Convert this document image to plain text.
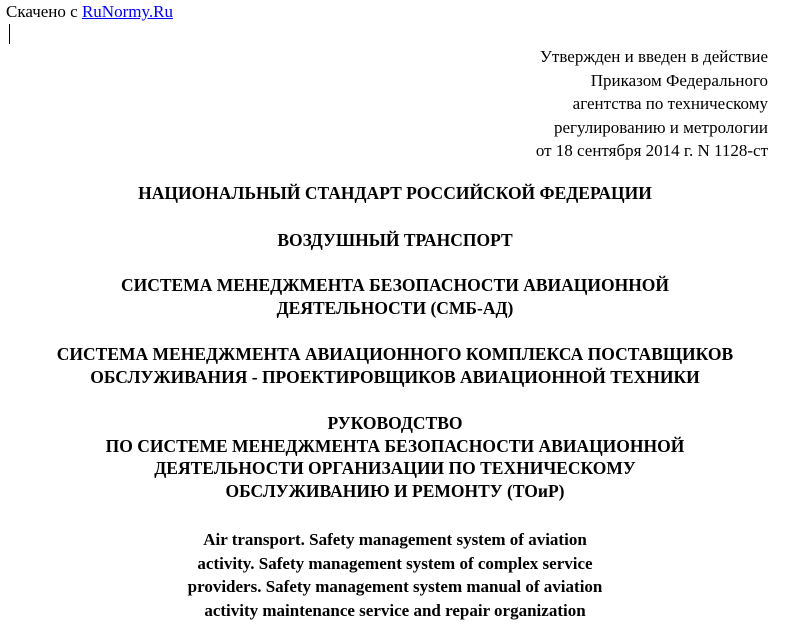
Скачено с RuNormy.Ru
Утвержден и введен в действие
Приказом Федерального
агентства по техническому
регулированию и метрологии
от 18 сентября 2014 г. N 1128-ст
НАЦИОНАЛЬНЫЙ СТАНДАРТ РОССИЙСКОЙ ФЕДЕРАЦИИ
ВОЗДУШНЫЙ ТРАНСПОРТ
СИСТЕМА МЕНЕДЖМЕНТА БЕЗОПАСНОСТИ АВИАЦИОННОЙ
ДЕЯТЕЛЬНОСТИ (СМБ-АД)
СИСТЕМА МЕНЕДЖМЕНТА АВИАЦИОННОГО КОМПЛЕКСА ПОСТАВЩИКОВ
ОБСЛУЖИВАНИЯ - ПРОЕКТИРОВЩИКОВ АВИАЦИОННОЙ ТЕХНИКИ
РУКОВОДСТВО
ПО СИСТЕМЕ МЕНЕДЖМЕНТА БЕЗОПАСНОСТИ АВИАЦИОННОЙ
ДЕЯТЕЛЬНОСТИ ОРГАНИЗАЦИИ ПО ТЕХНИЧЕСКОМУ
ОБСЛУЖИВАНИЮ И РЕМОНТУ (ТОиР)
Air transport. Safety management system of aviation
activity. Safety management system of complex service
providers. Safety management system manual of aviation
activity maintenance service and repair organization
